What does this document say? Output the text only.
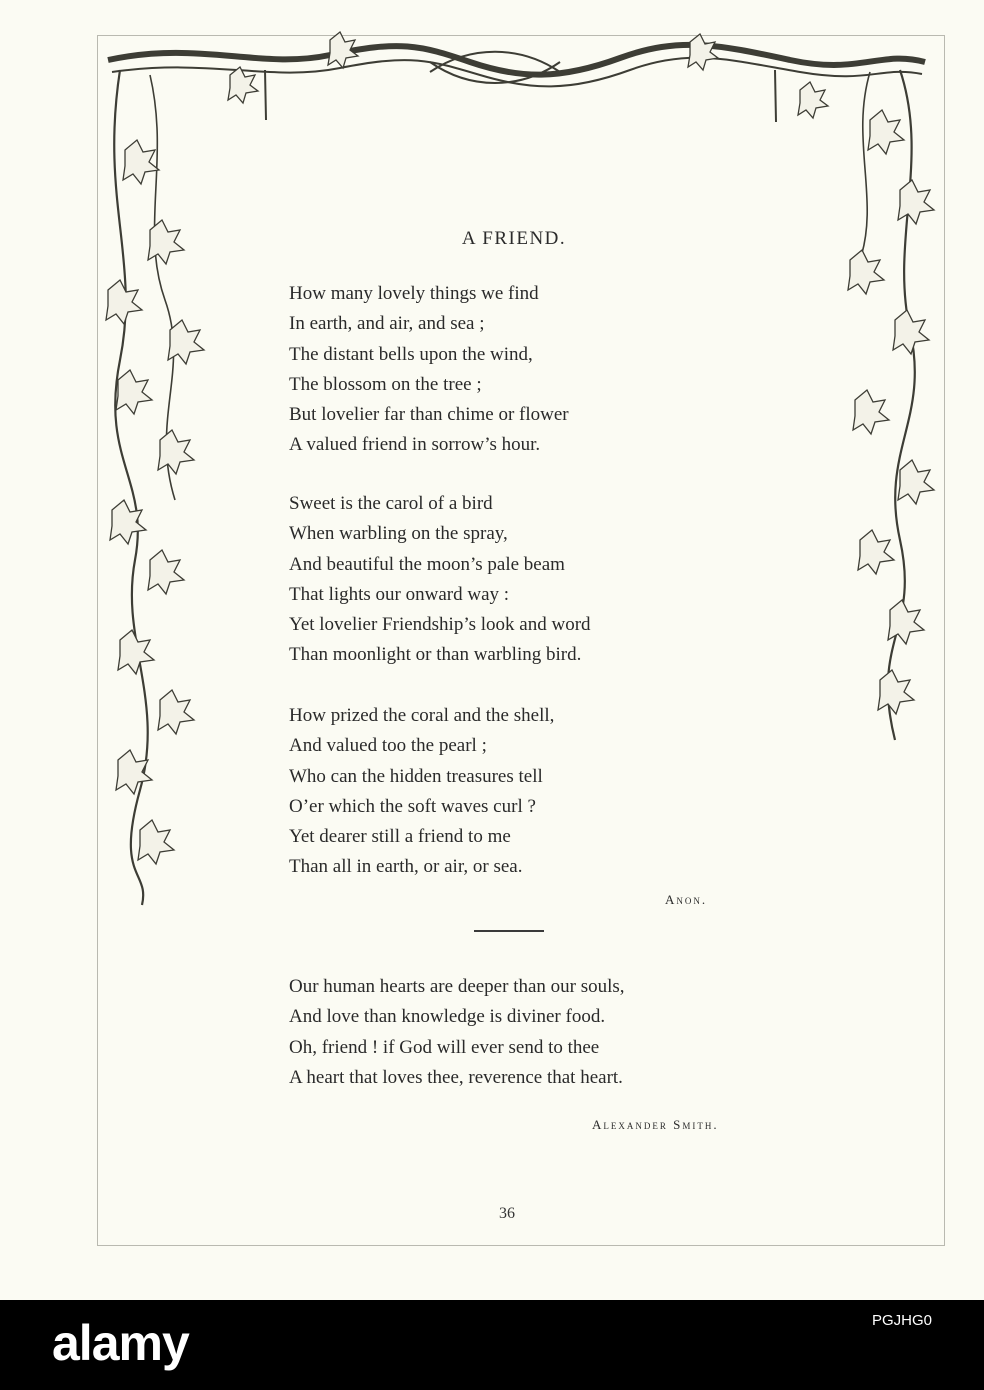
A FRIEND.
How many lovely things we find
In earth, and air, and sea ;
The distant bells upon the wind,
The blossom on the tree ;
But lovelier far than chime or flower
A valued friend in sorrow’s hour.
Sweet is the carol of a bird
When warbling on the spray,
And beautiful the moon’s pale beam
That lights our onward way :
Yet lovelier Friendship’s look and word
Than moonlight or than warbling bird.
How prized the coral and the shell,
And valued too the pearl ;
Who can the hidden treasures tell
O’er which the soft waves curl ?
Yet dearer still a friend to me
Than all in earth, or air, or sea.
Anon.
Our human hearts are deeper than our souls,
And love than knowledge is diviner food.
Oh, friend ! if God will ever send to thee
A heart that loves thee, reverence that heart.
Alexander Smith.
36
alamy	PGJHG0
